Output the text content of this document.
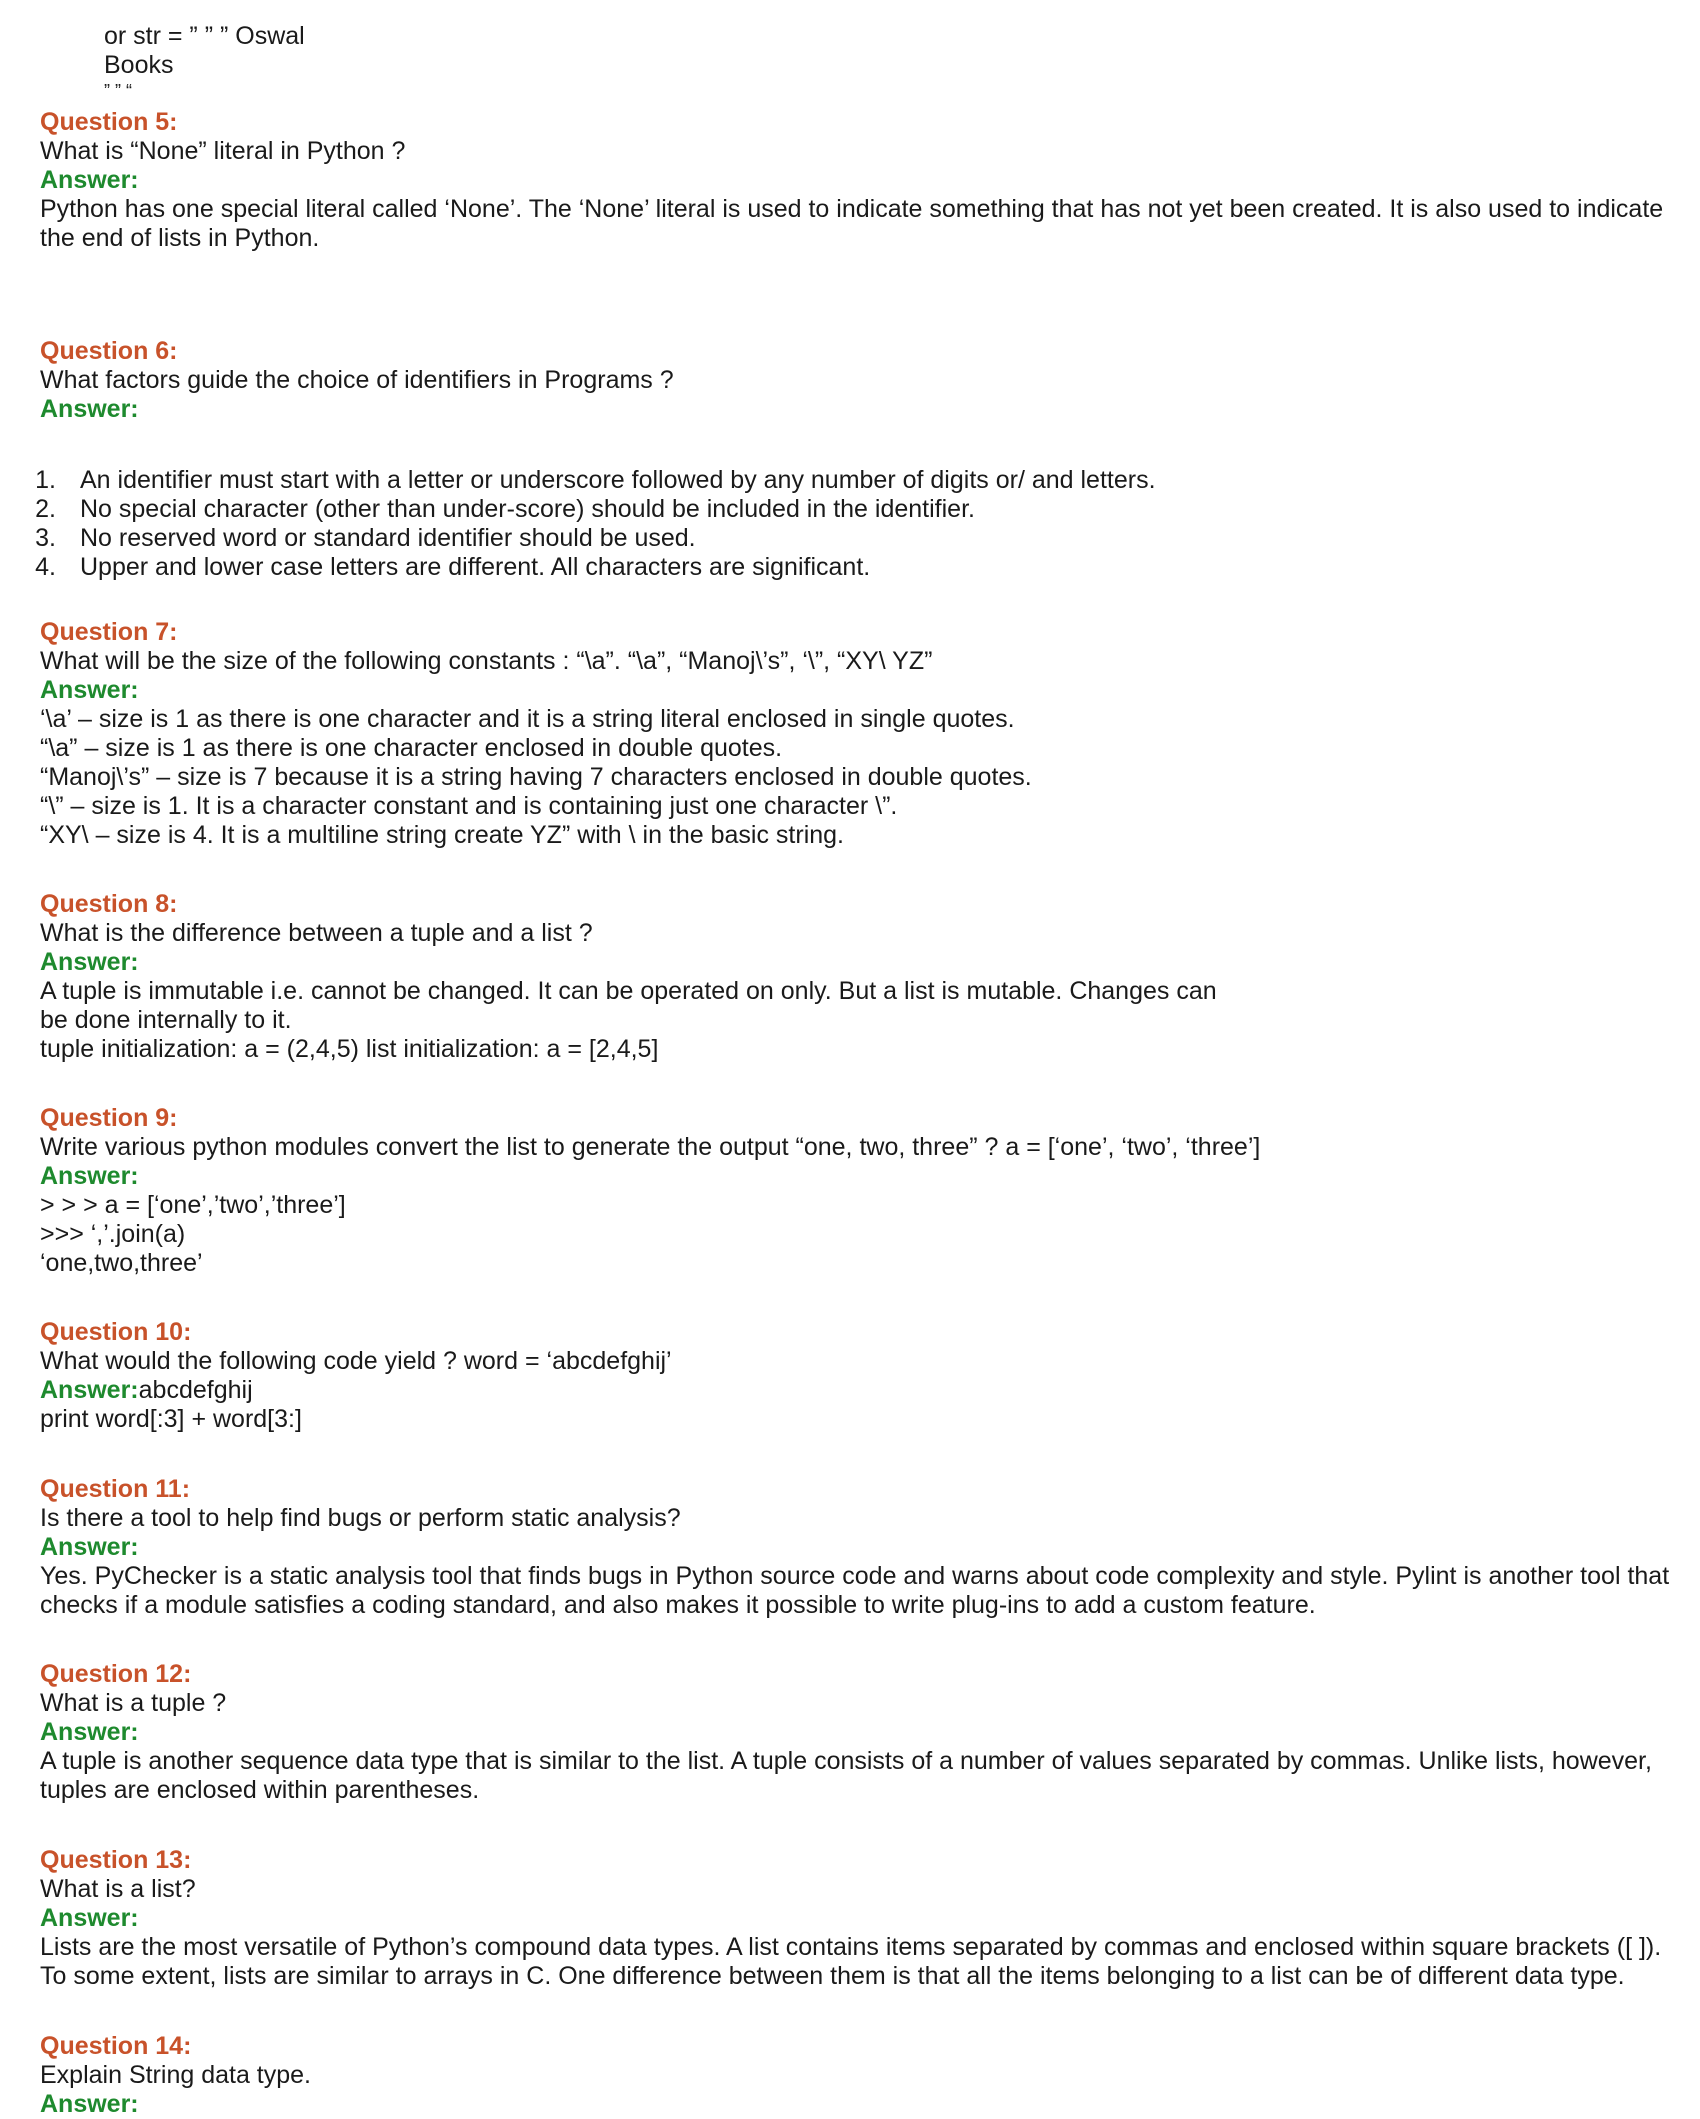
or str = ” ” ” Oswal
Books
” ” “
Question 5:
What is “None” literal in Python ?
Answer:
Python has one special literal called ‘None’. The ‘None’ literal is used to indicate something that has not yet been created. It is also used to indicate the end of lists in Python.
Question 6:
What factors guide the choice of identifiers in Programs ?
Answer:
1. An identifier must start with a letter or underscore followed by any number of digits or/ and letters.
2. No special character (other than under-score) should be included in the identifier.
3. No reserved word or standard identifier should be used.
4. Upper and lower case letters are different. All characters are significant.
Question 7:
What will be the size of the following constants : “\a”. “\a”, “Manoj\’s”, ‘\”, “XY\ YZ”
Answer:
‘\a’ – size is 1 as there is one character and it is a string literal enclosed in single quotes.
“\a” – size is 1 as there is one character enclosed in double quotes.
“Manoj\’s” – size is 7 because it is a string having 7 characters enclosed in double quotes.
“\” – size is 1. It is a character constant and is containing just one character \”.
“XY\ – size is 4. It is a multiline string create YZ” with \ in the basic string.
Question 8:
What is the difference between a tuple and a list ?
Answer:
A tuple is immutable i.e. cannot be changed. It can be operated on only. But a list is mutable. Changes can
be done internally to it.
tuple initialization: a = (2,4,5) list initialization: a = [2,4,5]
Question 9:
Write various python modules convert the list to generate the output “one, two, three” ? a = [‘one’, ‘two’, ‘three’]
Answer:
> > > a = [‘one’,’two’,’three’]
>>> ‘,’.join(a)
‘one,two,three’
Question 10:
What would the following code yield ? word = ‘abcdefghij’
Answer:abcdefghij
print word[:3] + word[3:]
Question 11:
Is there a tool to help find bugs or perform static analysis?
Answer:
Yes. PyChecker is a static analysis tool that finds bugs in Python source code and warns about code complexity and style. Pylint is another tool that checks if a module satisfies a coding standard, and also makes it possible to write plug-ins to add a custom feature.
Question 12:
What is a tuple ?
Answer:
A tuple is another sequence data type that is similar to the list. A tuple consists of a number of values separated by commas. Unlike lists, however, tuples are enclosed within parentheses.
Question 13:
What is a list?
Answer:
Lists are the most versatile of Python’s compound data types. A list contains items separated by commas and enclosed within square brackets ([ ]). To some extent, lists are similar to arrays in C. One difference between them is that all the items belonging to a list can be of different data type.
Question 14:
Explain String data type.
Answer:
